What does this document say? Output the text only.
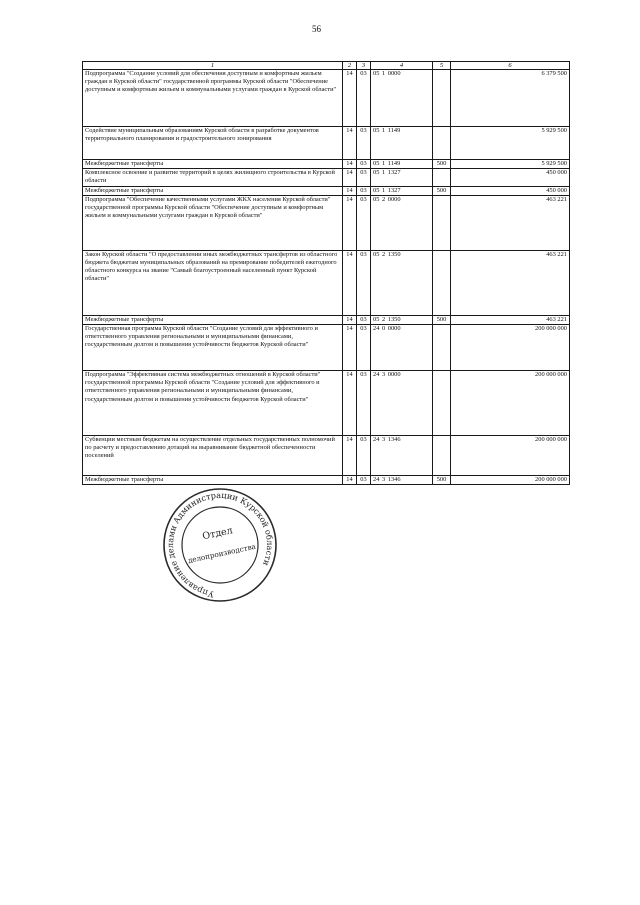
56
1	2	3	4	5	6
Подпрограмма "Создание условий для обеспечения доступным и комфортным жильем граждан в Курской области" государственной программы Курской области "Обеспечение доступным и комфортным жильем и коммунальными услугами граждан в Курской области"	14	03	05 1 0000		6 379 500
Содействие муниципальным образованиям Курской области в разработке документов территориального планирования и градостроительного зонирования	14	03	05 1 1149		5 929 500
Межбюджетные трансферты	14	03	05 1 1149	500	5 929 500
Комплексное освоение и развитие территорий в целях жилищного строительства в Курской области	14	03	05 1 1327		450 000
Межбюджетные трансферты	14	03	05 1 1327	500	450 000
Подпрограмма "Обеспечение качественными услугами ЖКХ населения Курской области" государственной программы Курской области "Обеспечение доступным и комфортным жильем и коммунальными услугами граждан в Курской области"	14	03	05 2 0000		463 221
Закон Курской области "О предоставлении иных межбюджетных трансфертов из областного бюджета бюджетам муниципальных образований на премирование победителей ежегодного областного конкурса на звание "Самый благоустроенный населенный пункт Курской области"	14	03	05 2 1350		463 221
Межбюджетные трансферты	14	03	05 2 1350	500	463 221
Государственная программа Курской области "Создание условий для эффективного и ответственного управления региональными и муниципальными финансами, государственным долгом и повышения устойчивости бюджетов Курской области"	14	03	24 0 0000		200 000 000
Подпрограмма "Эффективная система межбюджетных отношений в Курской области" государственной программы Курской области "Создание условий для эффективного и ответственного управления региональными и муниципальными финансами, государственным долгом и повышения устойчивости бюджетов Курской области"	14	03	24 3 0000		200 000 000
Субвенции местным бюджетам на осуществление отдельных государственных полномочий по расчету и предоставлению дотаций на выравнивание бюджетной обеспеченности поселений	14	03	24 3 1346		200 000 000
Межбюджетные трансферты	14	03	24 3 1346	500	200 000 000
Управление делами Администрации Курской области
Отдел
делопроизводства
